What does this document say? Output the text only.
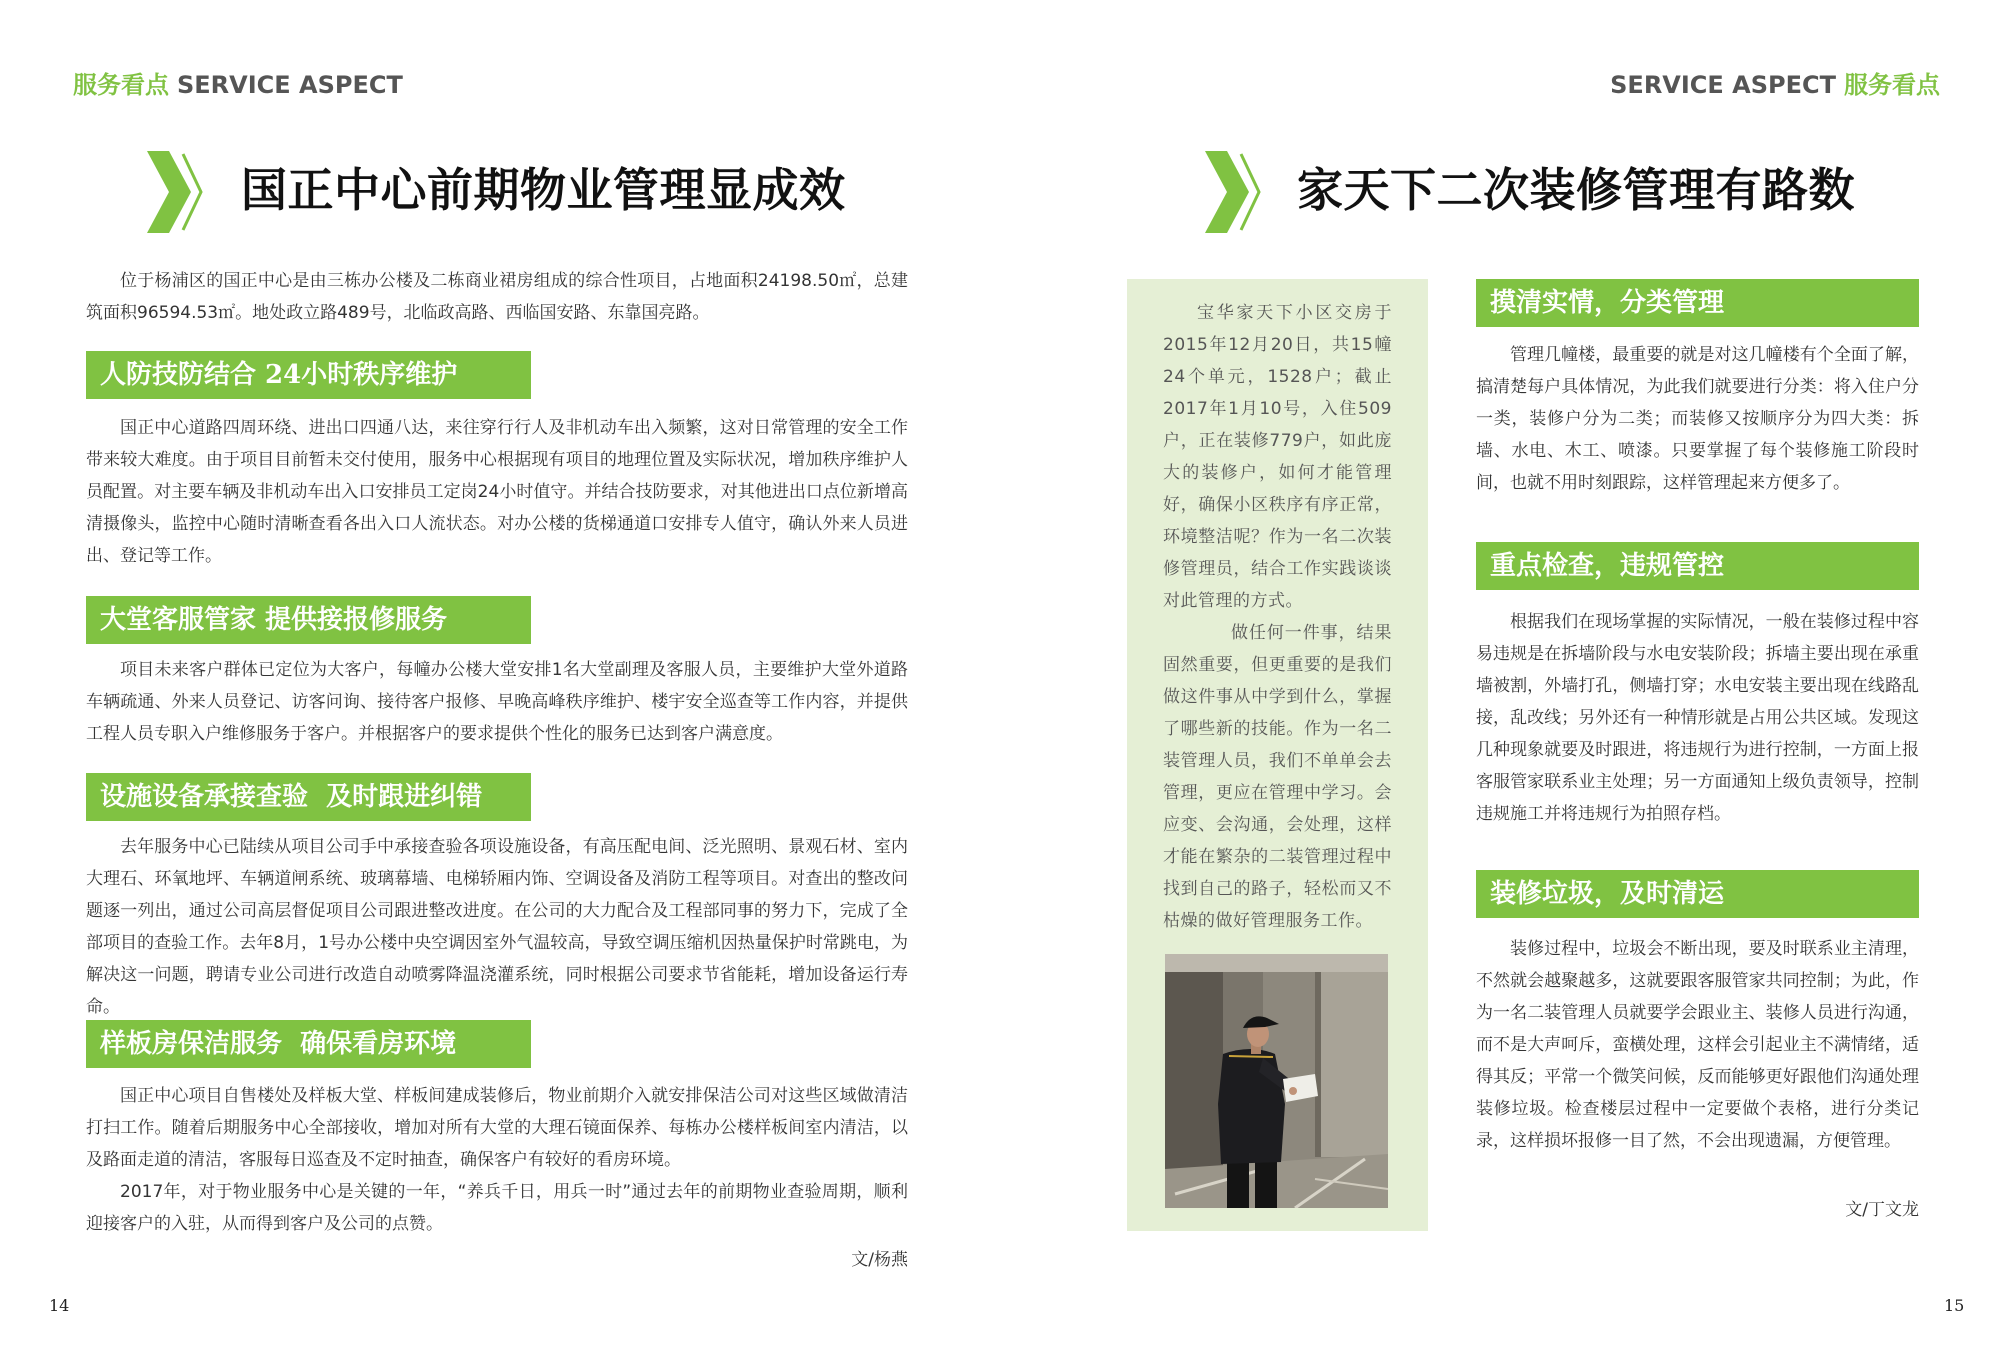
服务看点 SERVICE ASPECT
国正中心前期物业管理显成效

位于杨浦区的国正中心是由三栋办公楼及二栋商业裙房组成的综合性项目，占地面积24198.50㎡，总建筑面积96594.53㎡。地处政立路489号，北临政高路、西临国安路、东靠国亮路。

人防技防结合 24小时秩序维护

国正中心道路四周环绕、进出口四通八达，来往穿行行人及非机动车出入频繁，这对日常管理的安全工作带来较大难度。由于项目目前暂未交付使用，服务中心根据现有项目的地理位置及实际状况，增加秩序维护人员配置。对主要车辆及非机动车出入口安排员工定岗24小时值守。并结合技防要求，对其他进出口点位新增高清摄像头，监控中心随时清晰查看各出入口人流状态。对办公楼的货梯通道口安排专人值守，确认外来人员进出、登记等工作。

大堂客服管家 提供接报修服务

项目未来客户群体已定位为大客户，每幢办公楼大堂安排1名大堂副理及客服人员，主要维护大堂外道路车辆疏通、外来人员登记、访客问询、接待客户报修、早晚高峰秩序维护、楼宇安全巡查等工作内容，并提供工程人员专职入户维修服务于客户。并根据客户的要求提供个性化的服务已达到客户满意度。

设施设备承接查验  及时跟进纠错

去年服务中心已陆续从项目公司手中承接查验各项设施设备，有高压配电间、泛光照明、景观石材、室内大理石、环氧地坪、车辆道闸系统、玻璃幕墙、电梯轿厢内饰、空调设备及消防工程等项目。对查出的整改问题逐一列出，通过公司高层督促项目公司跟进整改进度。在公司的大力配合及工程部同事的努力下，完成了全部项目的查验工作。去年8月，1号办公楼中央空调因室外气温较高，导致空调压缩机因热量保护时常跳电，为解决这一问题，聘请专业公司进行改造自动喷雾降温浇灌系统，同时根据公司要求节省能耗，增加设备运行寿命。

样板房保洁服务  确保看房环境

国正中心项目自售楼处及样板大堂、样板间建成装修后，物业前期介入就安排保洁公司对这些区域做清洁打扫工作。随着后期服务中心全部接收，增加对所有大堂的大理石镜面保养、每栋办公楼样板间室内清洁，以及路面走道的清洁，客服每日巡查及不定时抽查，确保客户有较好的看房环境。

2017年，对于物业服务中心是关键的一年，“养兵千日，用兵一时”通过去年的前期物业查验周期，顺利迎接客户的入驻，从而得到客户及公司的点赞。

文/杨燕
14
SERVICE ASPECT 服务看点
家天下二次装修管理有路数

宝华家天下小区交房于2015年12月20日，共15幢24个单元，1528户；截止2017年1月10号，入住509户，正在装修779户，如此庞大的装修户，如何才能管理好，确保小区秩序有序正常，环境整洁呢？作为一名二次装修管理员，结合工作实践谈谈对此管理的方式。

做任何一件事，结果固然重要，但更重要的是我们做这件事从中学到什么，掌握了哪些新的技能。作为一名二装管理人员，我们不单单会去管理，更应在管理中学习。会应变、会沟通，会处理，这样才能在繁杂的二装管理过程中找到自己的路子，轻松而又不枯燥的做好管理服务工作。

摸清实情，分类管理

管理几幢楼，最重要的就是对这几幢楼有个全面了解，搞清楚每户具体情况，为此我们就要进行分类：将入住户分一类，装修户分为二类；而装修又按顺序分为四大类：拆墙、水电、木工、喷漆。只要掌握了每个装修施工阶段时间，也就不用时刻跟踪，这样管理起来方便多了。

重点检查，违规管控

根据我们在现场掌握的实际情况，一般在装修过程中容易违规是在拆墙阶段与水电安装阶段；拆墙主要出现在承重墙被割，外墙打孔，侧墙打穿；水电安装主要出现在线路乱接，乱改线；另外还有一种情形就是占用公共区域。发现这几种现象就要及时跟进，将违规行为进行控制，一方面上报客服管家联系业主处理；另一方面通知上级负责领导，控制违规施工并将违规行为拍照存档。

装修垃圾，及时清运

装修过程中，垃圾会不断出现，要及时联系业主清理，不然就会越聚越多，这就要跟客服管家共同控制；为此，作为一名二装管理人员就要学会跟业主、装修人员进行沟通，而不是大声呵斥，蛮横处理，这样会引起业主不满情绪，适得其反；平常一个微笑问候，反而能够更好跟他们沟通处理装修垃圾。检查楼层过程中一定要做个表格，进行分类记录，这样损坏报修一目了然，不会出现遗漏，方便管理。

文/丁文龙
15
